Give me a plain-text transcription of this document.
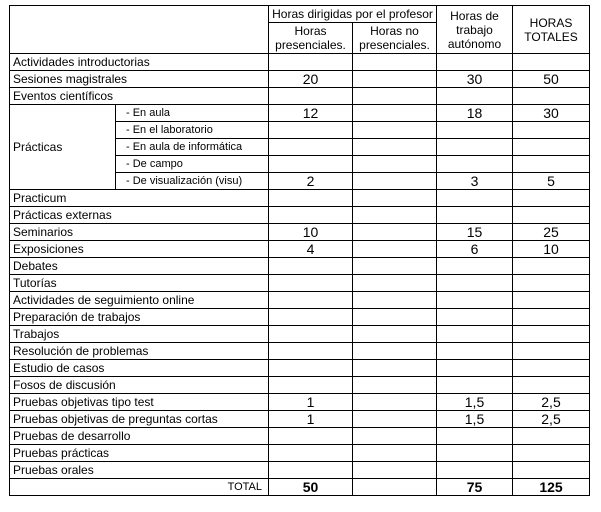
		Horas dirigidas por el profesor		Horas de trabajo autónomo	HORAS TOTALES
		Horas presenciales.	Horas no presenciales.		
Actividades introductorias					
Sesiones magistrales		20		30	50
Eventos científicos					
Prácticas	- En aula	12		18	30
	- En el laboratorio				
	- En aula de informática				
	- De campo				
	- De visualización (visu)	2		3	5
Practicum					
Prácticas externas					
Seminarios		10		15	25
Exposiciones		4		6	10
Debates					
Tutorías					
Actividades de seguimiento online					
Preparación de trabajos					
Trabajos					
Resolución de problemas					
Estudio de casos					
Fosos de discusión					
Pruebas objetivas tipo test		1		1,5	2,5
Pruebas objetivas de preguntas cortas		1		1,5	2,5
Pruebas de desarrollo					
Pruebas prácticas					
Pruebas orales					
TOTAL		50		75	125
